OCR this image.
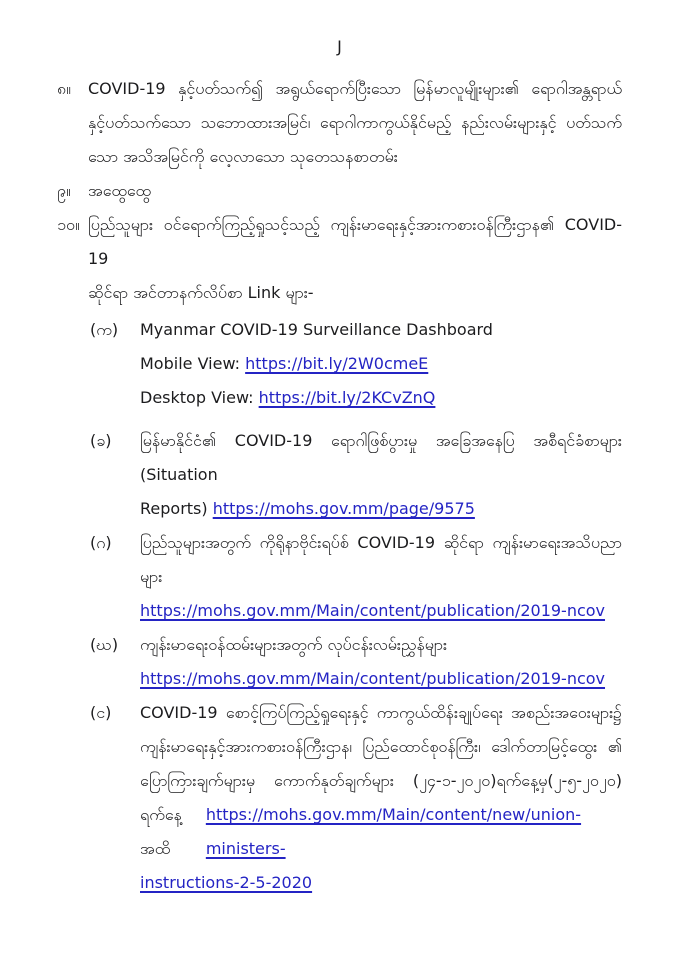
J
၈။	COVID-19 နှင့်ပတ်သက်၍ အရွယ်ရောက်ပြီးသော မြန်မာလူမျိုးများ၏ ရောဂါအန္တရာယ်
နှင့်ပတ်သက်သော သဘောထားအမြင်၊ ရောဂါကာကွယ်နိုင်မည့် နည်းလမ်းများနှင့် ပတ်သက်
သော အသိအမြင်ကို လေ့လာသော သုတေသနစာတမ်း
၉။	အထွေထွေ
၁၀။ ပြည်သူများ ဝင်ရောက်ကြည့်ရှုသင့်သည့် ကျန်းမာရေးနှင့်အားကစားဝန်ကြီးဌာန၏ COVID-19
ဆိုင်ရာ အင်တာနက်လိပ်စာ Link များ-
(က)	Myanmar COVID-19 Surveillance Dashboard
Mobile View: https://bit.ly/2W0cmeE
Desktop View: https://bit.ly/2KCvZnQ
(ခ)	မြန်မာနိုင်ငံ၏ COVID-19 ရောဂါဖြစ်ပွားမှု အခြေအနေပြ အစီရင်ခံစာများ (Situation
Reports) https://mohs.gov.mm/page/9575
(ဂ)	ပြည်သူများအတွက် ကိုရိုနာဗိုင်းရပ်စ် COVID-19 ဆိုင်ရာ ကျန်းမာရေးအသိပညာ များ
https://mohs.gov.mm/Main/content/publication/2019-ncov
(ဃ)	ကျန်းမာရေးဝန်ထမ်းများအတွက် လုပ်ငန်းလမ်းညွှန်များ
https://mohs.gov.mm/Main/content/publication/2019-ncov
(င)	COVID-19 စောင့်ကြပ်ကြည့်ရှုရေးနှင့် ကာကွယ်ထိန်းချုပ်ရေး အစည်းအဝေးများ၌
ကျန်းမာရေးနှင့်အားကစားဝန်ကြီးဌာန၊ ပြည်ထောင်စုဝန်ကြီး၊ ဒေါက်တာမြင့်ထွေး ၏
ပြောကြားချက်များမှ ကောက်နုတ်ချက်များ (၂၄-၁-၂၀၂၀)ရက်နေ့မှ(၂-၅-၂၀၂၀)
ရက်နေ့အထိ
https://mohs.gov.mm/Main/content/new/union-ministers-
instructions-2-5-2020
